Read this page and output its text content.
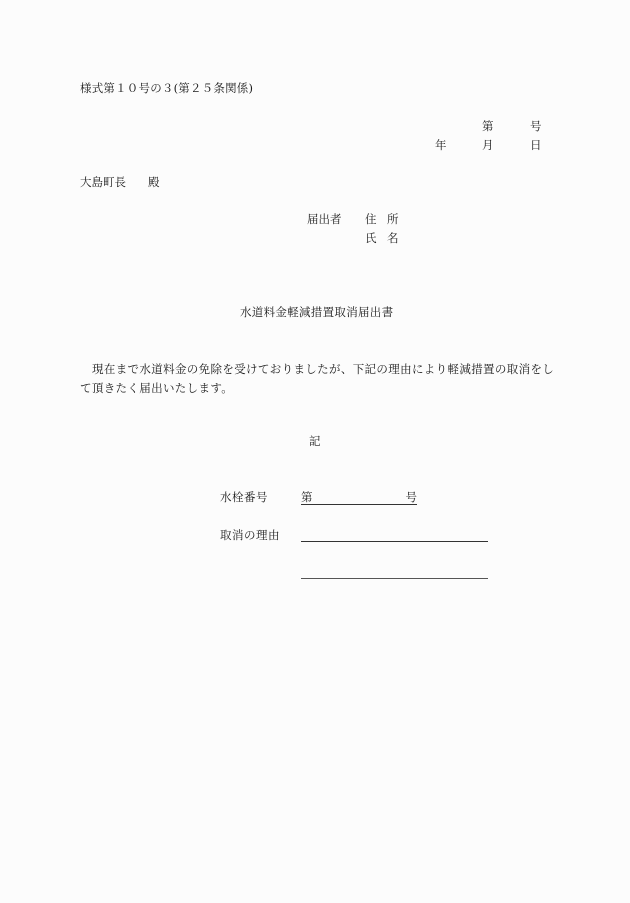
様式第１０号の３(第２５条関係)
第	号
年	月	日
大島町長 殿
届出者 住 所
氏 名
水道料金軽減措置取消届出書
現在まで水道料金の免除を受けておりましたが、下記の理由により軽減措置の取消をして頂きたく届出いたします。
記
水栓番号	第	号
取消の理由
